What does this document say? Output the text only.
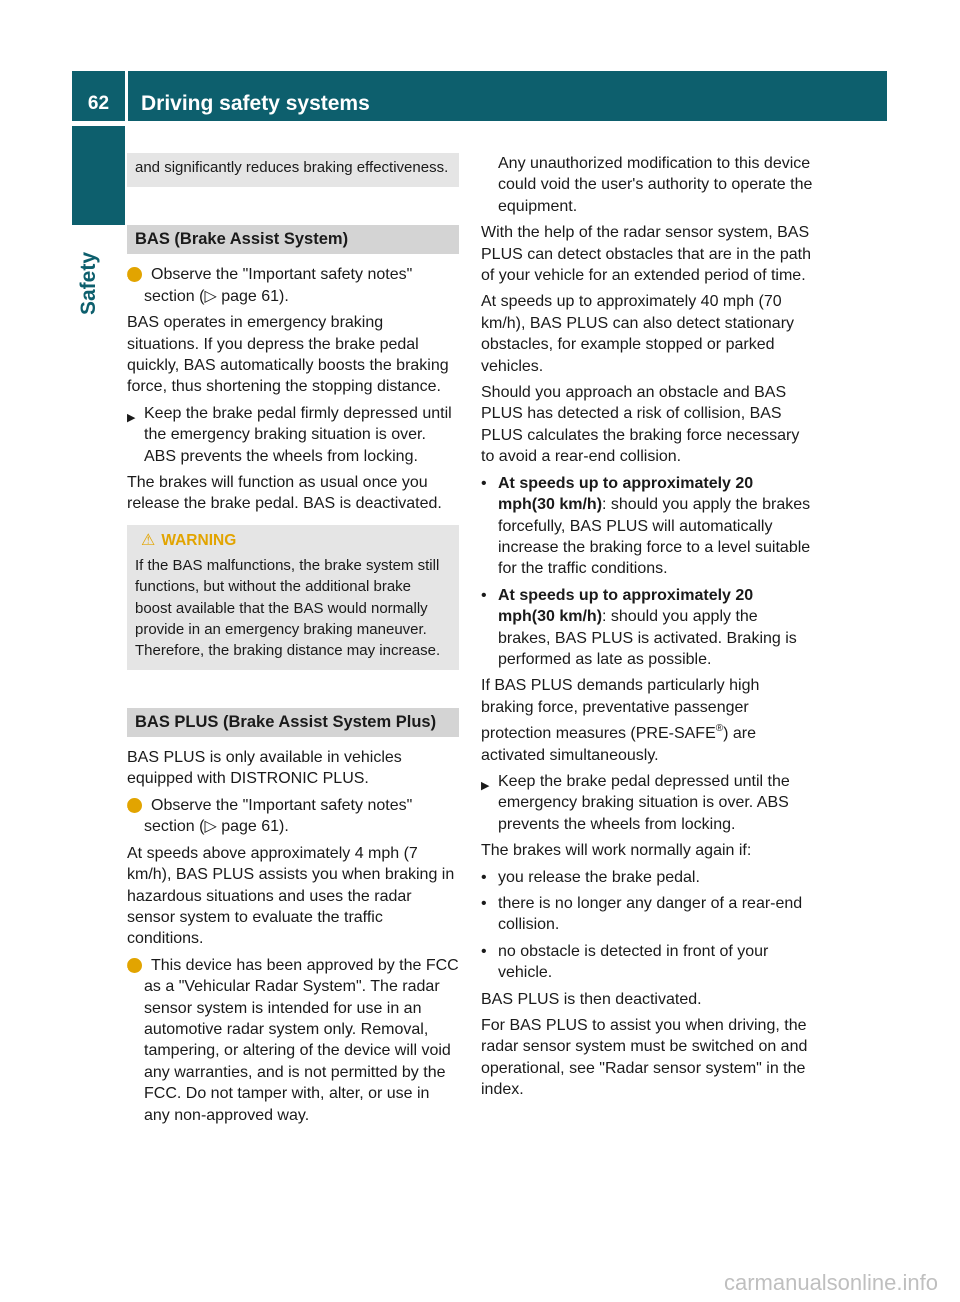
62	Driving safety systems
Safety
and significantly reduces braking effectiveness.
BAS (Brake Assist System)

i Observe the "Important safety notes" section (▷ page 61).

BAS operates in emergency braking situations. If you depress the brake pedal quickly, BAS automatically boosts the braking force, thus shortening the stopping distance.

▶ Keep the brake pedal firmly depressed until the emergency braking situation is over. ABS prevents the wheels from locking.

The brakes will function as usual once you release the brake pedal. BAS is deactivated.

⚠ WARNING
If the BAS malfunctions, the brake system still functions, but without the additional brake boost available that the BAS would normally provide in an emergency braking maneuver. Therefore, the braking distance may increase.
BAS PLUS (Brake Assist System Plus)

BAS PLUS is only available in vehicles equipped with DISTRONIC PLUS.

i Observe the "Important safety notes" section (▷ page 61).

At speeds above approximately 4 mph (7 km/h), BAS PLUS assists you when braking in hazardous situations and uses the radar sensor system to evaluate the traffic conditions.

i This device has been approved by the FCC as a "Vehicular Radar System". The radar sensor system is intended for use in an automotive radar system only. Removal, tampering, or altering of the device will void any warranties, and is not permitted by the FCC. Do not tamper with, alter, or use in any non-approved way.

Any unauthorized modification to this device could void the user's authority to operate the equipment.

With the help of the radar sensor system, BAS PLUS can detect obstacles that are in the path of your vehicle for an extended period of time.

At speeds up to approximately 40 mph (70 km/h), BAS PLUS can also detect stationary obstacles, for example stopped or parked vehicles.

Should you approach an obstacle and BAS PLUS has detected a risk of collision, BAS PLUS calculates the braking force necessary to avoid a rear-end collision.

• At speeds up to approximately 20 mph(30 km/h): should you apply the brakes forcefully, BAS PLUS will automatically increase the braking force to a level suitable for the traffic conditions.

• At speeds up to approximately 20 mph(30 km/h): should you apply the brakes, BAS PLUS is activated. Braking is performed as late as possible.

If BAS PLUS demands particularly high braking force, preventative passenger protection measures (PRE-SAFE®) are activated simultaneously.

▶ Keep the brake pedal depressed until the emergency braking situation is over. ABS prevents the wheels from locking.

The brakes will work normally again if:

• you release the brake pedal.

• there is no longer any danger of a rear-end collision.

• no obstacle is detected in front of your vehicle.

BAS PLUS is then deactivated.

For BAS PLUS to assist you when driving, the radar sensor system must be switched on and operational, see "Radar sensor system" in the index.

carmanualsonline.info
